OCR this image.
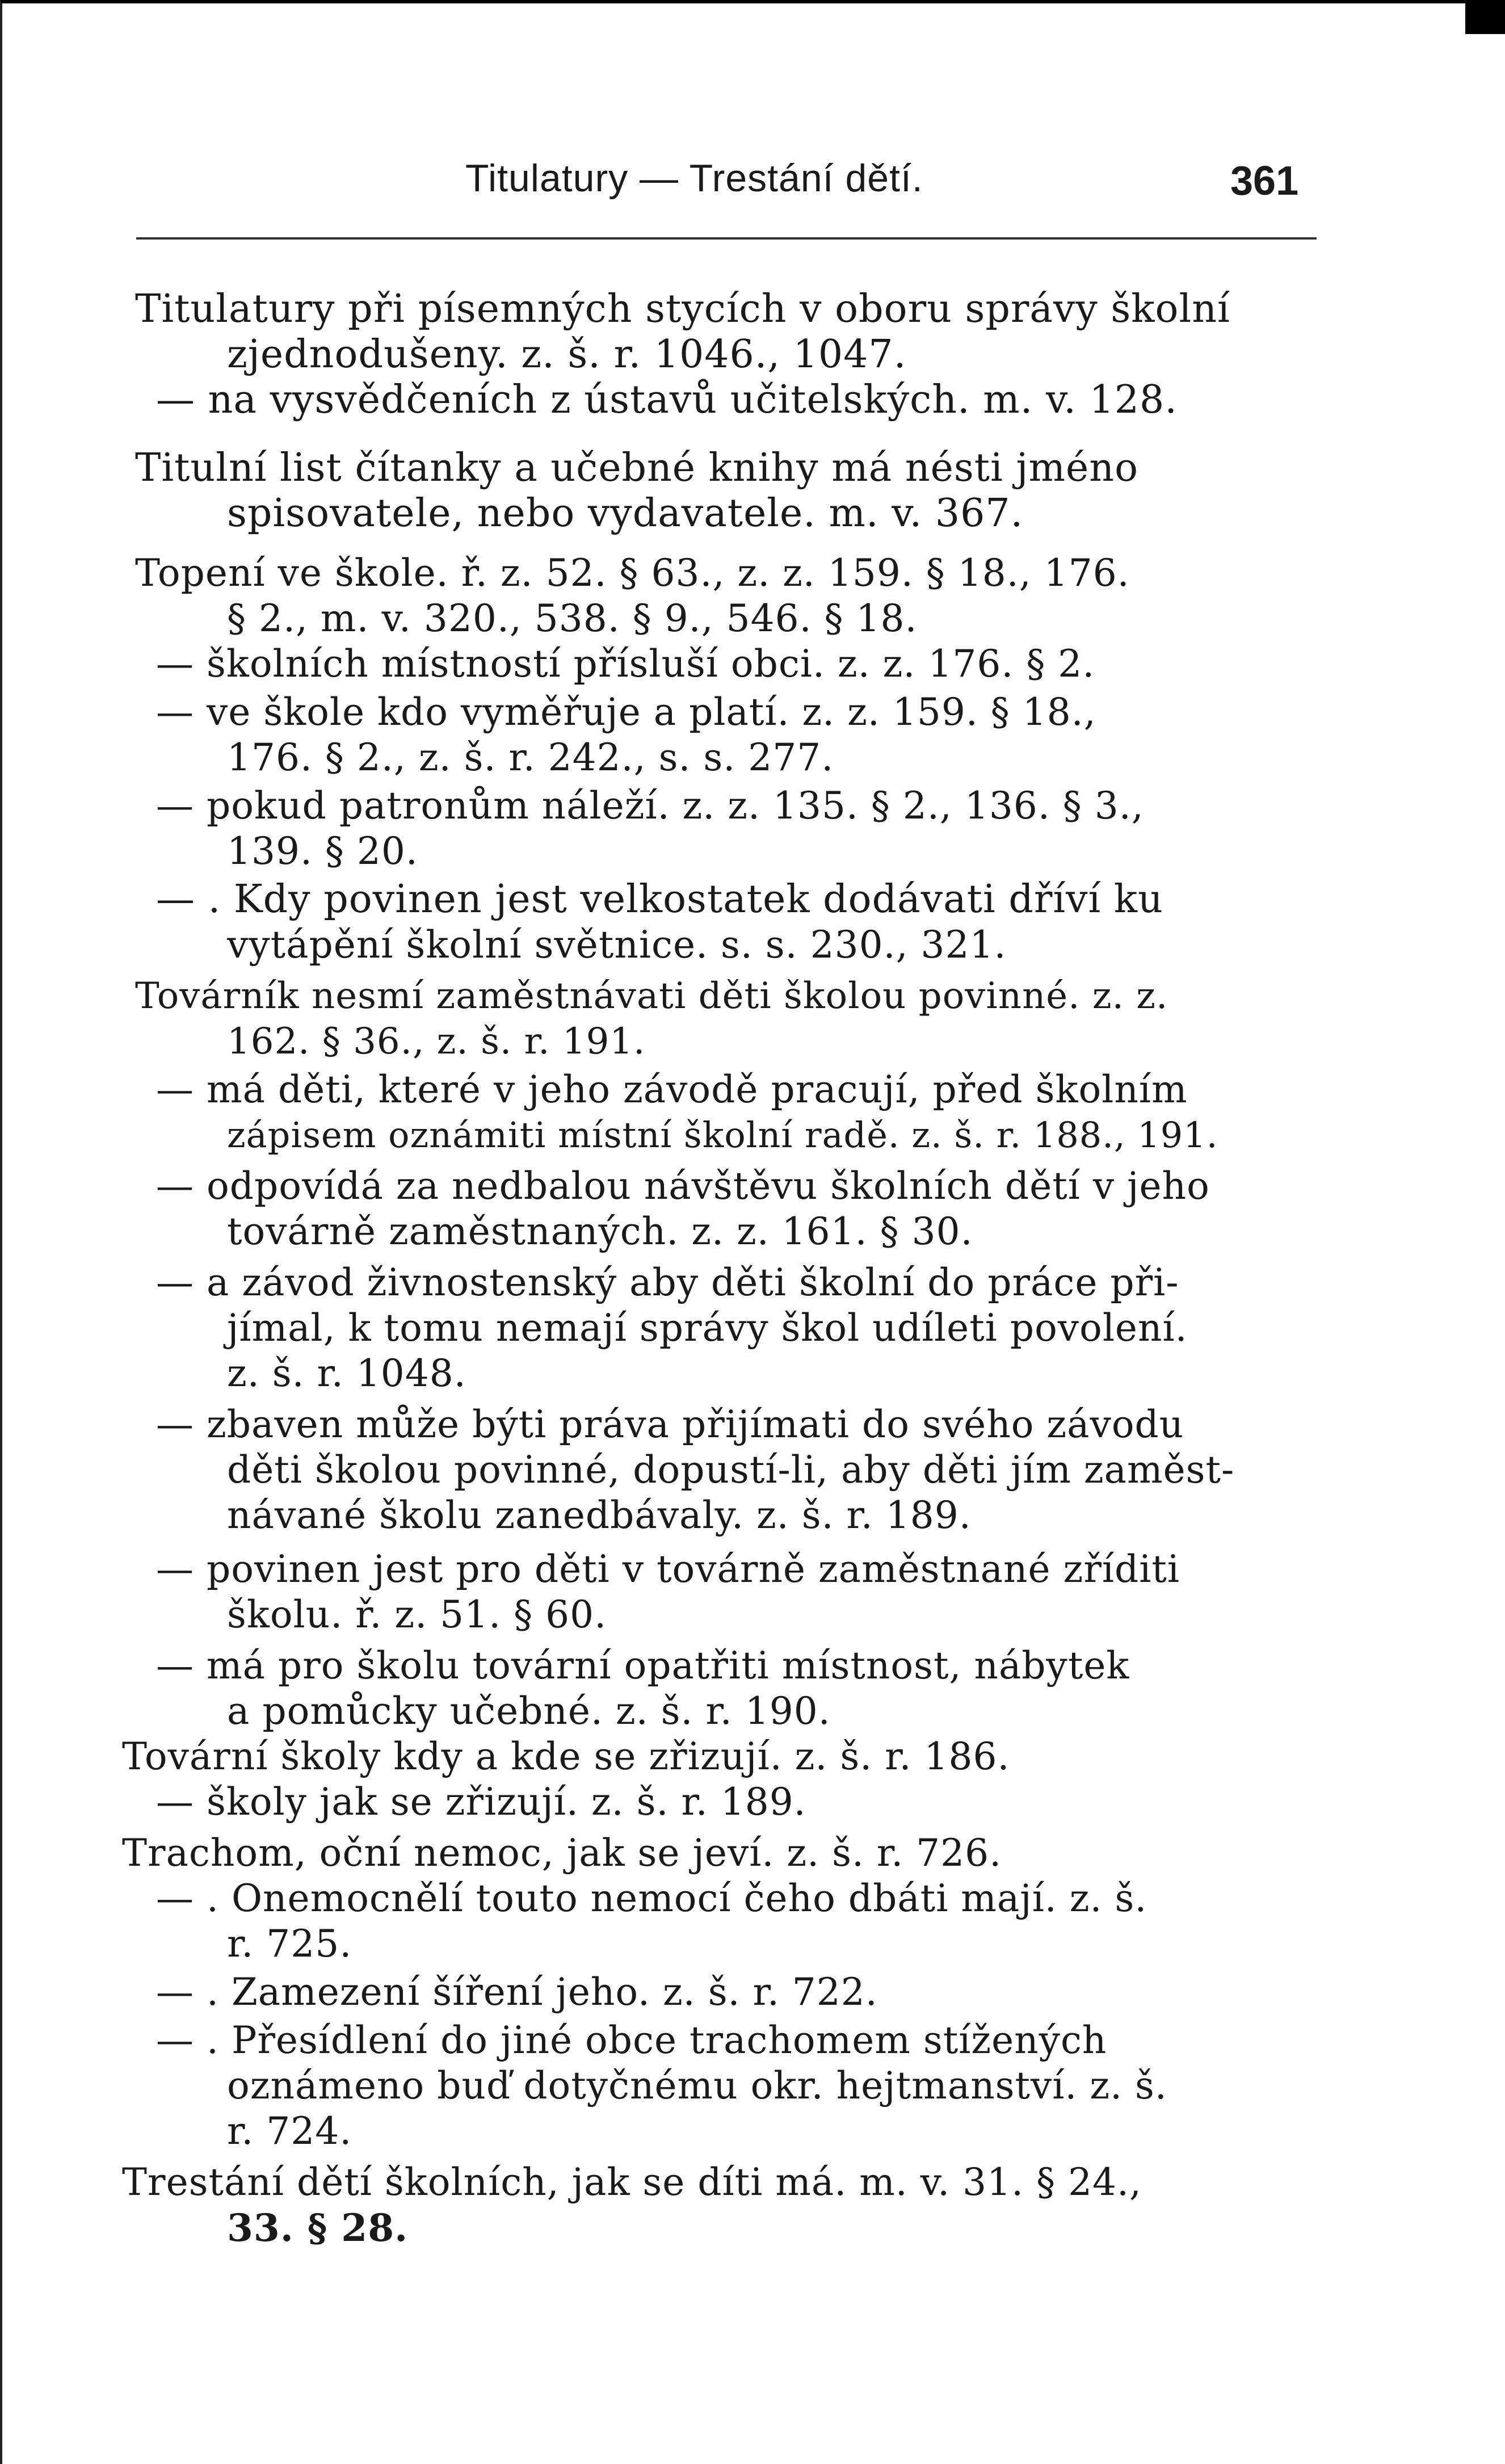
Titulatury — Trestání dětí.	361
Titulatury při písemných stycích v oboru správy školní
zjednodušeny. z. š. r. 1046., 1047.
— na vysvědčeních z ústavů učitelských. m. v. 128.
Titulní list čítanky a učebné knihy má nésti jméno
spisovatele, nebo vydavatele. m. v. 367.
Topení ve škole. ř. z. 52. § 63., z. z. 159. § 18., 176.
§ 2., m. v. 320., 538. § 9., 546. § 18.
— školních místností přísluší obci. z. z. 176. § 2.
— ve škole kdo vyměřuje a platí. z. z. 159. § 18.,
176. § 2., z. š. r. 242., s. s. 277.
— pokud patronům náleží. z. z. 135. § 2., 136. § 3.,
139. § 20.
— . Kdy povinen jest velkostatek dodávati dříví ku
vytápění školní světnice. s. s. 230., 321.
Továrník nesmí zaměstnávati děti školou povinné. z. z.
162. § 36., z. š. r. 191.
— má děti, které v jeho závodě pracují, před školním
zápisem oznámiti místní školní radě. z. š. r. 188., 191.
— odpovídá za nedbalou návštěvu školních dětí v jeho
továrně zaměstnaných. z. z. 161. § 30.
— a závod živnostenský aby děti školní do práce při-
jímal, k tomu nemají správy škol udíleti povolení.
z. š. r. 1048.
— zbaven může býti práva přijímati do svého závodu
děti školou povinné, dopustí-li, aby děti jím zaměst-
návané školu zanedbávaly. z. š. r. 189.
— povinen jest pro děti v továrně zaměstnané zříditi
školu. ř. z. 51. § 60.
— má pro školu tovární opatřiti místnost, nábytek
a pomůcky učebné. z. š. r. 190.
Tovární školy kdy a kde se zřizují. z. š. r. 186.
— školy jak se zřizují. z. š. r. 189.
Trachom, oční nemoc, jak se jeví. z. š. r. 726.
— . Onemocnělí touto nemocí čeho dbáti mají. z. š.
r. 725.
— . Zamezení šíření jeho. z. š. r. 722.
— . Přesídlení do jiné obce trachomem stížených
oznámeno buď dotyčnému okr. hejtmanství. z. š.
r. 724.
Trestání dětí školních, jak se díti má. m. v. 31. § 24.,
33. § 28.
